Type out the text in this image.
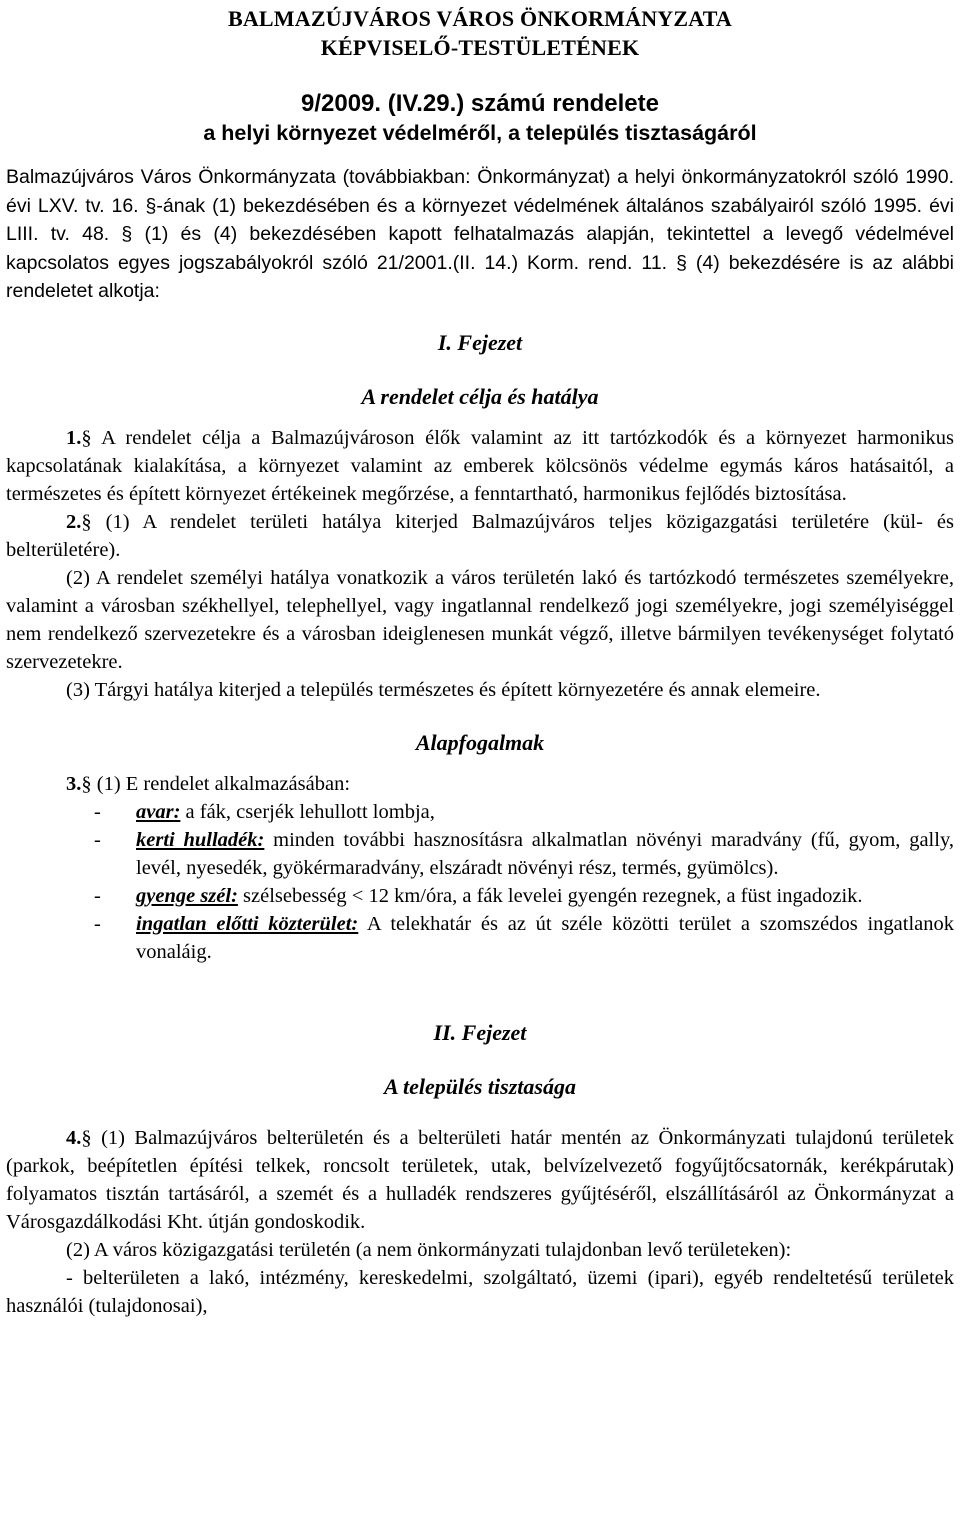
BALMAZÚJVÁROS VÁROS ÖNKORMÁNYZATA
KÉPVISELŐ-TESTÜLETÉNEK
9/2009. (IV.29.) számú rendelete
a helyi környezet védelméről, a település tisztaságáról

Balmazújváros Város Önkormányzata (továbbiakban: Önkormányzat) a helyi önkormányzatokról szóló 1990. évi LXV. tv. 16. §-ának (1) bekezdésében és a környezet védelmének általános szabályairól szóló 1995. évi LIII. tv. 48. § (1) és (4) bekezdésében kapott felhatalmazás alapján, tekintettel a levegő védelmével kapcsolatos egyes jogszabályokról szóló 21/2001.(II. 14.) Korm. rend. 11. § (4) bekezdésére is az alábbi rendeletet alkotja:

I. Fejezet
A rendelet célja és hatálya

1.§ A rendelet célja a Balmazújvároson élők valamint az itt tartózkodók és a környezet harmonikus kapcsolatának kialakítása, a környezet valamint az emberek kölcsönös védelme egymás káros hatásaitól, a természetes és épített környezet értékeinek megőrzése, a fenntartható, harmonikus fejlődés biztosítása.

2.§ (1) A rendelet területi hatálya kiterjed Balmazújváros teljes közigazgatási területére (kül- és belterületére).

(2) A rendelet személyi hatálya vonatkozik a város területén lakó és tartózkodó természetes személyekre, valamint a városban székhellyel, telephellyel, vagy ingatlannal rendelkező jogi személyekre, jogi személyiséggel nem rendelkező szervezetekre és a városban ideiglenesen munkát végző, illetve bármilyen tevékenységet folytató szervezetekre.

(3) Tárgyi hatálya kiterjed a település természetes és épített környezetére és annak elemeire.

Alapfogalmak

3.§ (1) E rendelet alkalmazásában:

- avar: a fák, cserjék lehullott lombja,
- kerti hulladék: minden további hasznosításra alkalmatlan növényi maradvány (fű, gyom, gally, levél, nyesedék, gyökérmaradvány, elszáradt növényi rész, termés, gyümölcs).
- gyenge szél: szélsebesség < 12 km/óra, a fák levelei gyengén rezegnek, a füst ingadozik.
- ingatlan előtti közterület: A telekhatár és az út széle közötti terület a szomszédos ingatlanok vonaláig.
II. Fejezet
A település tisztasága

4.§ (1) Balmazújváros belterületén és a belterületi határ mentén az Önkormányzati tulajdonú területek (parkok, beépítetlen építési telkek, roncsolt területek, utak, belvízelvezető fogyűjtőcsatornák, kerékpárutak) folyamatos tisztán tartásáról, a szemét és a hulladék rendszeres gyűjtéséről, elszállításáról az Önkormányzat a Városgazdálkodási Kht. útján gondoskodik.

(2) A város közigazgatási területén (a nem önkormányzati tulajdonban levő területeken):

- belterületen a lakó, intézmény, kereskedelmi, szolgáltató, üzemi (ipari), egyéb rendeltetésű területek használói (tulajdonosai),
